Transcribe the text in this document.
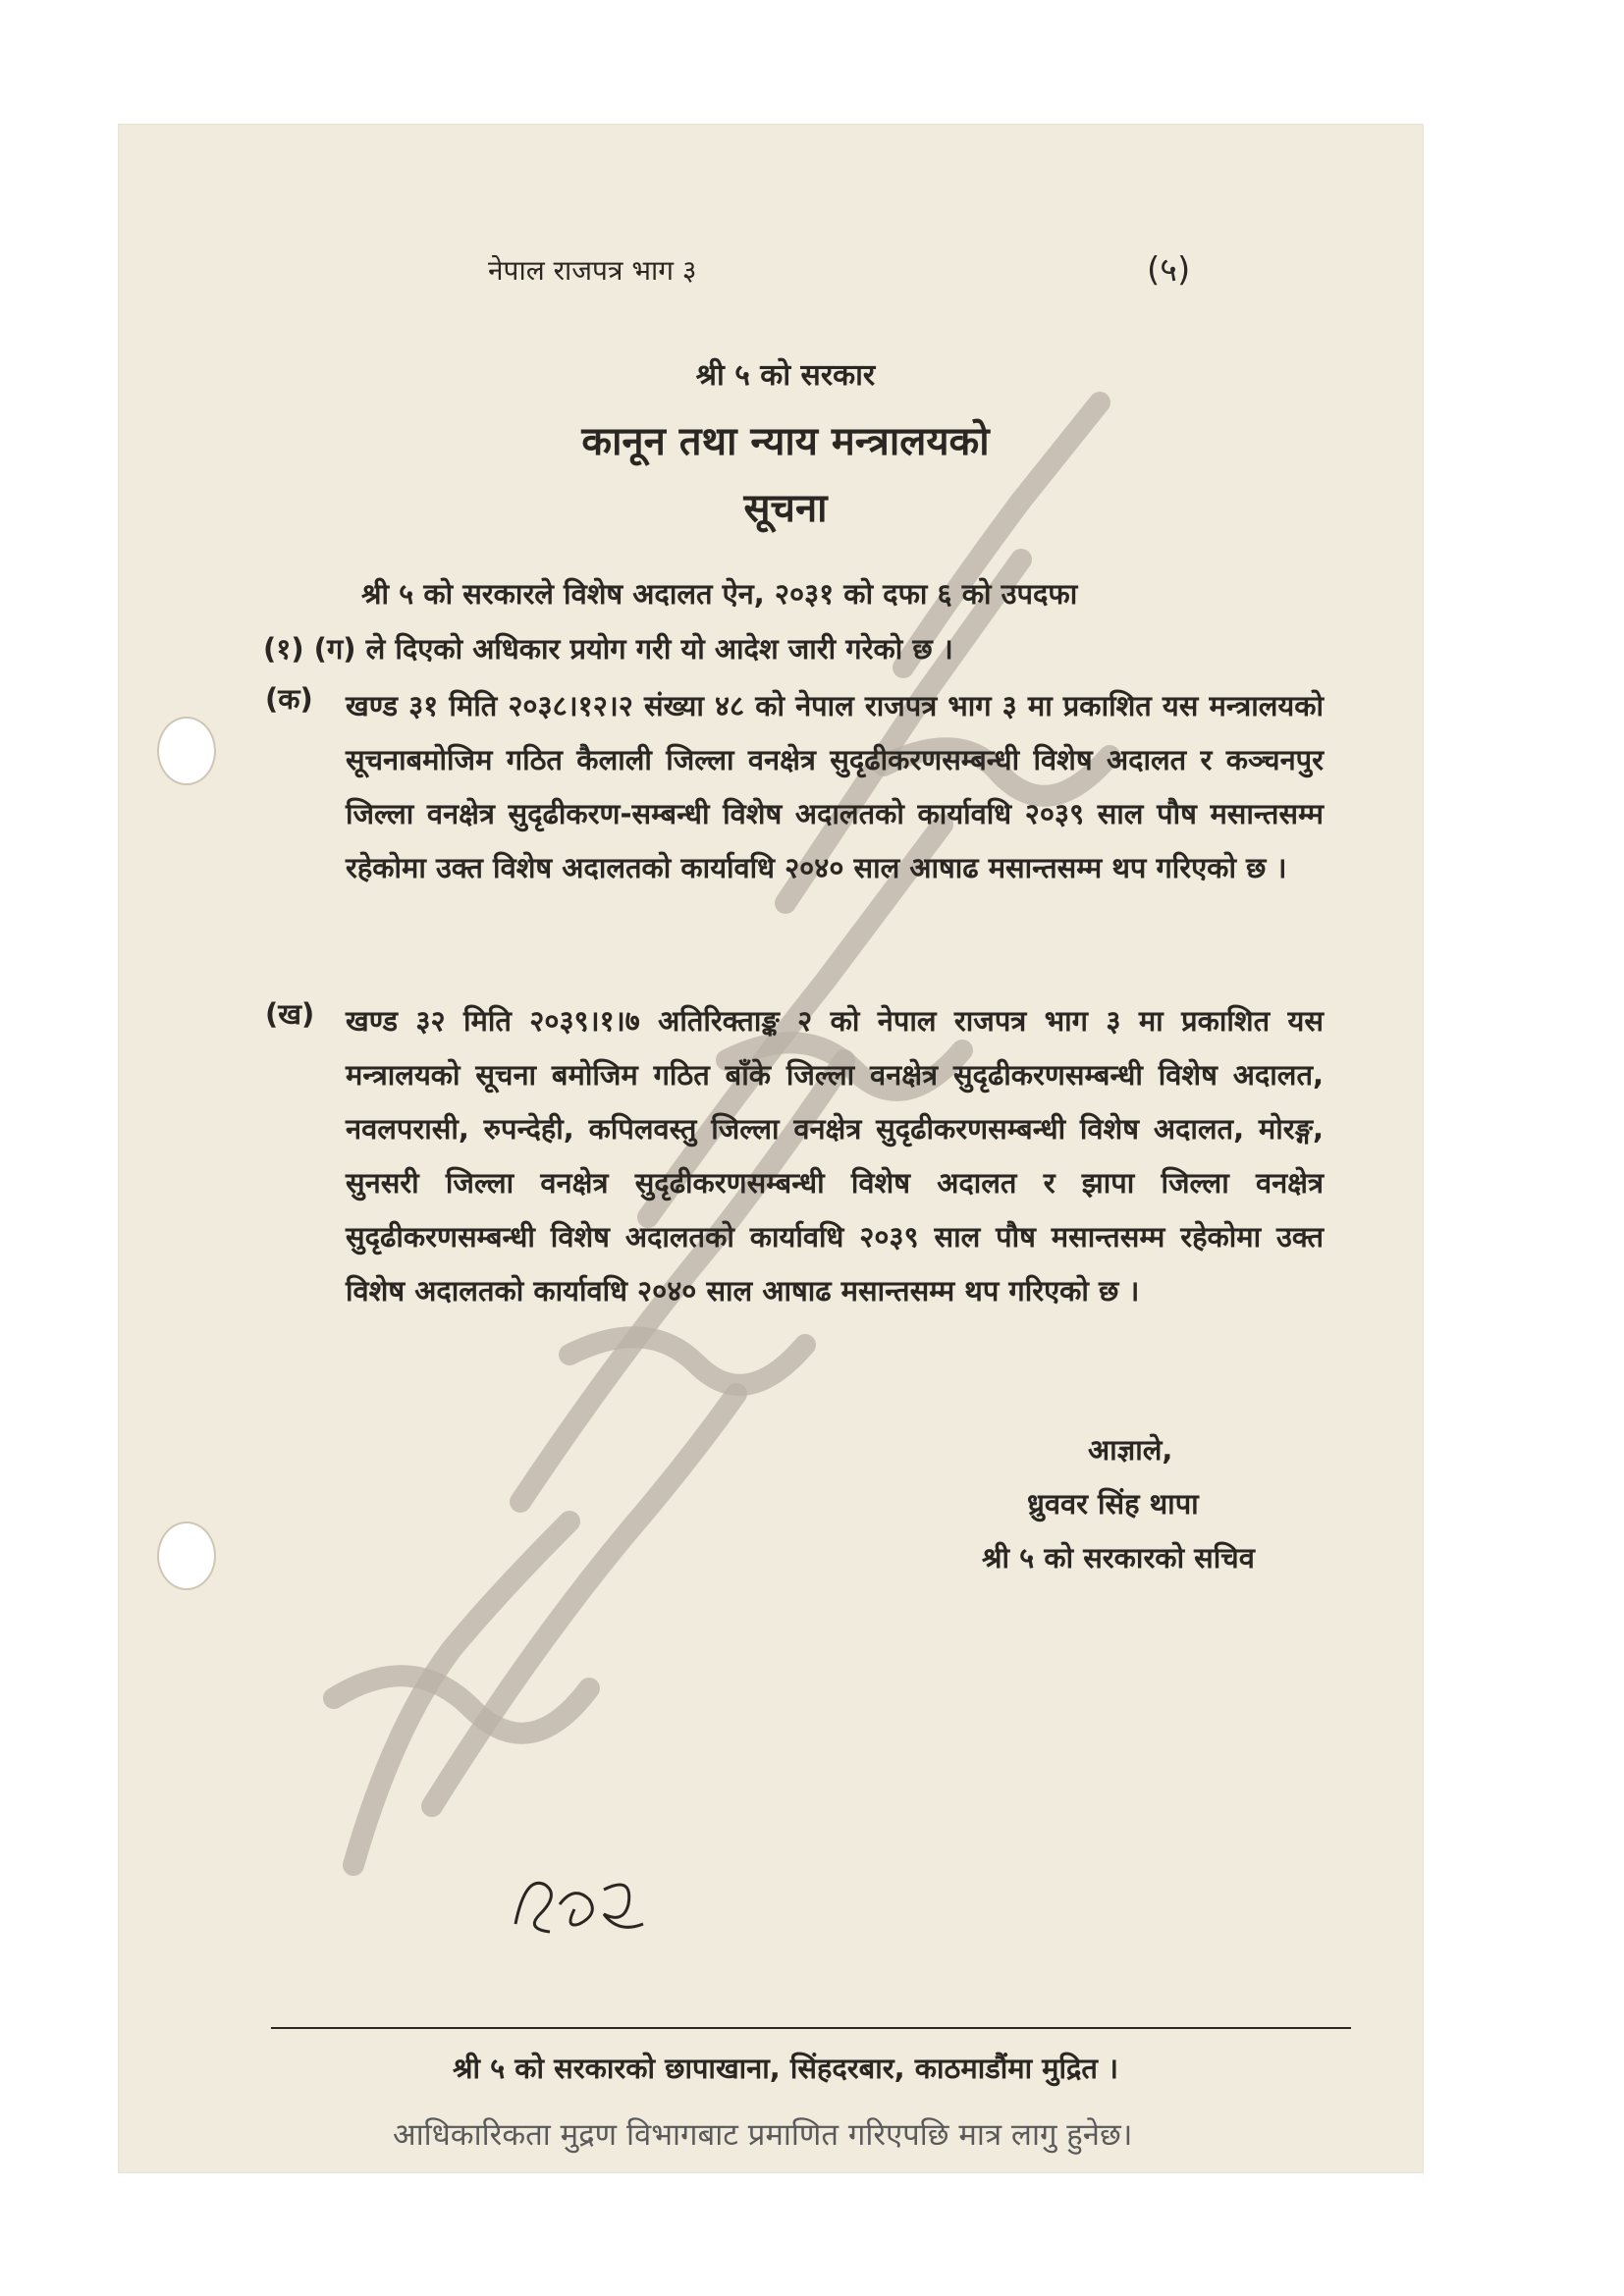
नेपाल राजपत्र भाग ३	(५)
श्री ५ को सरकार
कानून तथा न्याय मन्त्रालयको
सूचना
श्री ५ को सरकारले विशेष अदालत ऐन, २०३१ को दफा ६ को उपदफा
(१) (ग) ले दिएको अधिकार प्रयोग गरी यो आदेश जारी गरेको छ ।
(क) खण्ड ३१ मिति २०३८।१२।२ संख्या ४८ को नेपाल राजपत्र भाग ३ मा प्रकाशित यस मन्त्रालयको सूचनाबमोजिम गठित कैलाली जिल्ला वनक्षेत्र सुदृढीकरणसम्बन्धी विशेष अदालत र कञ्चनपुर जिल्ला वनक्षेत्र सुदृढीकरण-सम्बन्धी विशेष अदालतको कार्यावधि २०३९ साल पौष मसान्तसम्म रहेकोमा उक्त विशेष अदालतको कार्यावधि २०४० साल आषाढ मसान्तसम्म थप गरिएको छ ।
(ख) खण्ड ३२ मिति २०३९।१।७ अतिरिक्ताङ्क २ को नेपाल राजपत्र भाग ३ मा प्रकाशित यस मन्त्रालयको सूचना बमोजिम गठित बाँके जिल्ला वनक्षेत्र सुदृढीकरणसम्बन्धी विशेष अदालत, नवलपरासी, रुपन्देही, कपिलवस्तु जिल्ला वनक्षेत्र सुदृढीकरणसम्बन्धी विशेष अदालत, मोरङ्ग, सुनसरी जिल्ला वनक्षेत्र सुदृढीकरणसम्बन्धी विशेष अदालत र झापा जिल्ला वनक्षेत्र सुदृढीकरणसम्बन्धी विशेष अदालतको कार्यावधि २०३९ साल पौष मसान्तसम्म रहेकोमा उक्त विशेष अदालतको कार्यावधि २०४० साल आषाढ मसान्तसम्म थप गरिएको छ ।
आज्ञाले,
ध्रुववर सिंह थापा
श्री ५ को सरकारको सचिव
श्री ५ को सरकारको छापाखाना, सिंहदरबार, काठमाडौंमा मुद्रित ।
आधिकारिकता मुद्रण विभागबाट प्रमाणित गरिएपछि मात्र लागु हुनेछ।
